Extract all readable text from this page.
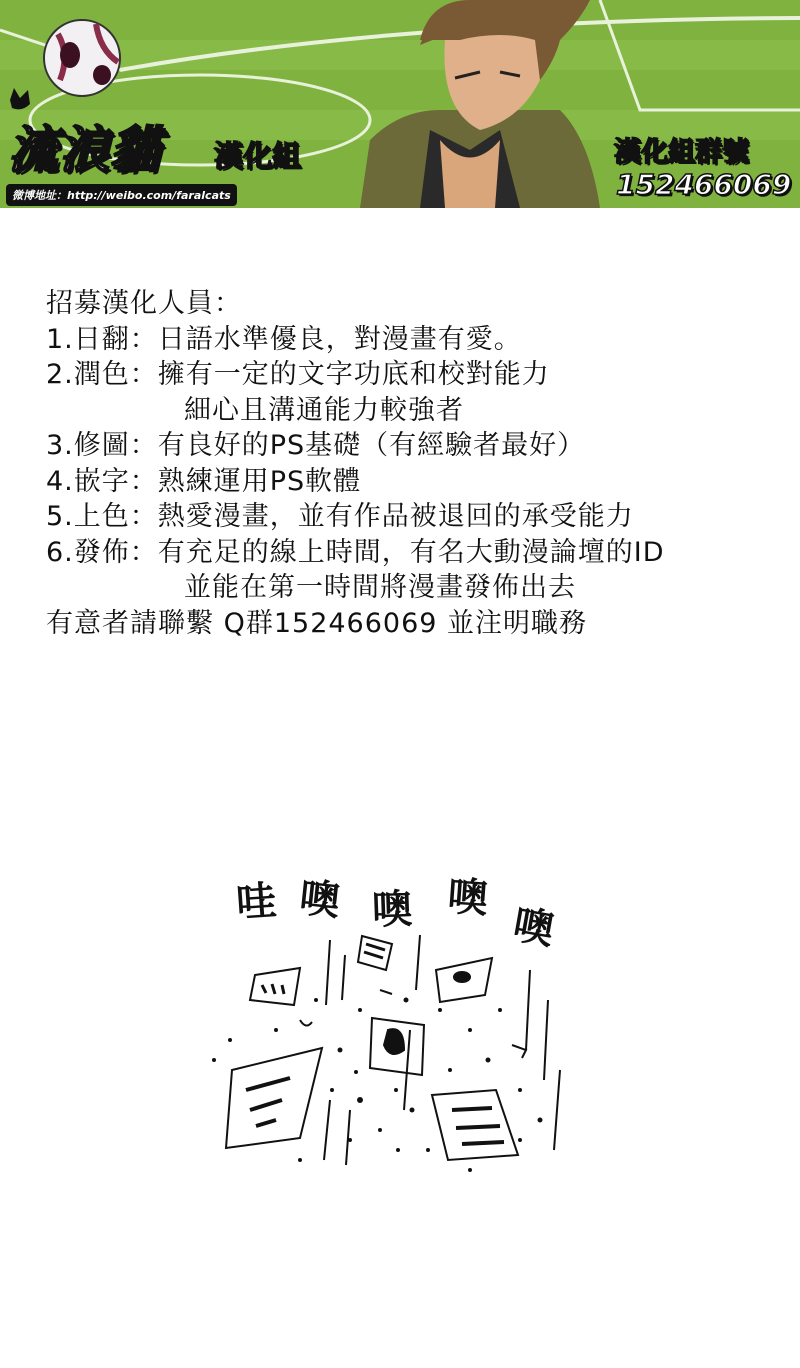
流浪貓 漢化組
微博地址：http://weibo.com/faralcats
漢化組群號
152466069
招募漢化人員：
1.日翻：日語水準優良，對漫畫有愛。
2.潤色：擁有一定的文字功底和校對能力
細心且溝通能力較強者
3.修圖：有良好的PS基礎（有經驗者最好）
4.嵌字：熟練運用PS軟體
5.上色：熱愛漫畫，並有作品被退回的承受能力
6.發佈：有充足的線上時間，有名大動漫論壇的ID
並能在第一時間將漫畫發佈出去
有意者請聯繫 Q群152466069 並注明職務
哇 噢 噢 噢
噢
